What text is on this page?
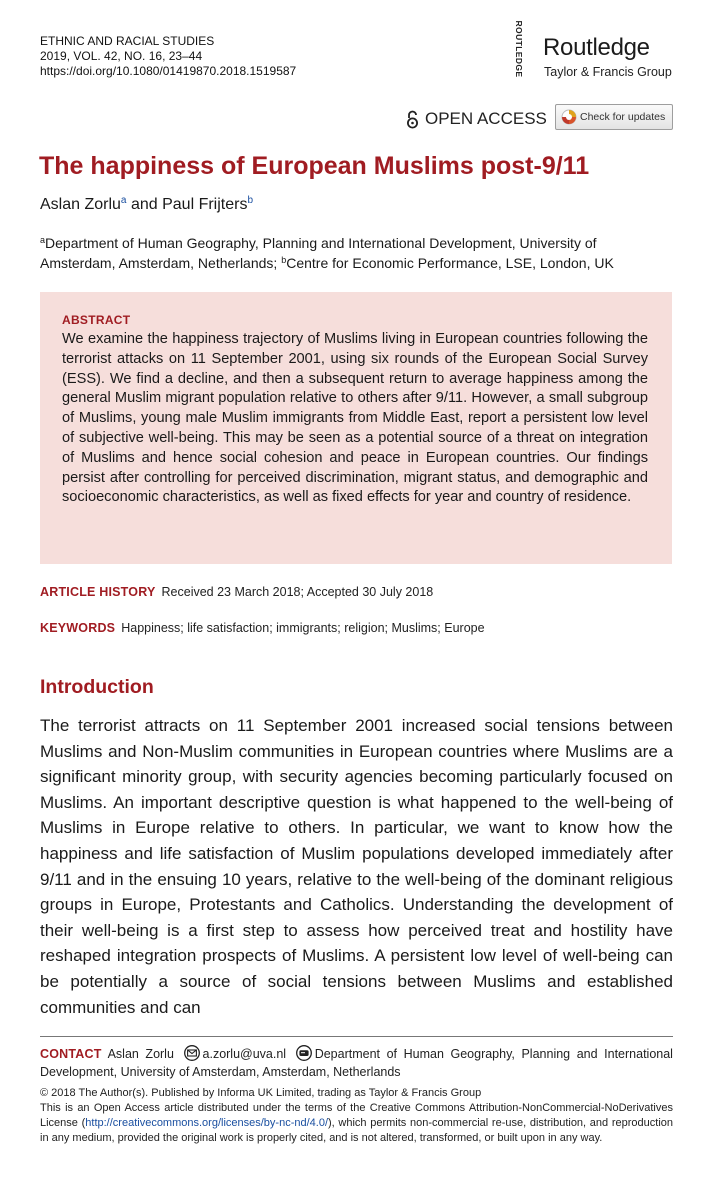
ETHNIC AND RACIAL STUDIES
2019, VOL. 42, NO. 16, 23–44
https://doi.org/10.1080/01419870.2018.1519587	ROUTLEDGE Routledge
Taylor & Francis Group
OPEN ACCESS	Check for updates
The happiness of European Muslims post-9/11
Aslan Zorlu$^a$ and Paul Frijters$^b$
$^a$Department of Human Geography, Planning and International Development, University of Amsterdam, Amsterdam, Netherlands; $^b$Centre for Economic Performance, LSE, London, UK
ABSTRACT
We examine the happiness trajectory of Muslims living in European countries following the terrorist attacks on 11 September 2001, using six rounds of the European Social Survey (ESS). We find a decline, and then a subsequent return to average happiness among the general Muslim migrant population relative to others after 9/11. However, a small subgroup of Muslims, young male Muslim immigrants from Middle East, report a persistent low level of subjective well-being. This may be seen as a potential source of a threat on integration of Muslims and hence social cohesion and peace in European countries. Our findings persist after controlling for perceived discrimination, migrant status, and demographic and socioeconomic characteristics, as well as fixed effects for year and country of residence.
ARTICLE HISTORY Received 23 March 2018; Accepted 30 July 2018
KEYWORDS Happiness; life satisfaction; immigrants; religion; Muslims; Europe
Introduction
The terrorist attracts on 11 September 2001 increased social tensions between Muslims and Non-Muslim communities in European countries where Muslims are a significant minority group, with security agencies becoming particularly focused on Muslims. An important descriptive question is what happened to the well-being of Muslims in Europe relative to others. In particular, we want to know how the happiness and life satisfaction of Muslim populations developed immediately after 9/11 and in the ensuing 10 years, relative to the well-being of the dominant religious groups in Europe, Protestants and Catholics. Understanding the development of their well-being is a first step to assess how perceived treat and hostility have reshaped integration prospects of Muslims. A persistent low level of well-being can be potentially a source of social tensions between Muslims and established communities and can
CONTACT Aslan Zorlu a.zorlu@uva.nl Department of Human Geography, Planning and International Development, University of Amsterdam, Amsterdam, Netherlands
© 2018 The Author(s). Published by Informa UK Limited, trading as Taylor & Francis Group
This is an Open Access article distributed under the terms of the Creative Commons Attribution-NonCommercial-NoDerivatives License (http://creativecommons.org/licenses/by-nc-nd/4.0/), which permits non-commercial re-use, distribution, and reproduction in any medium, provided the original work is properly cited, and is not altered, transformed, or built upon in any way.
